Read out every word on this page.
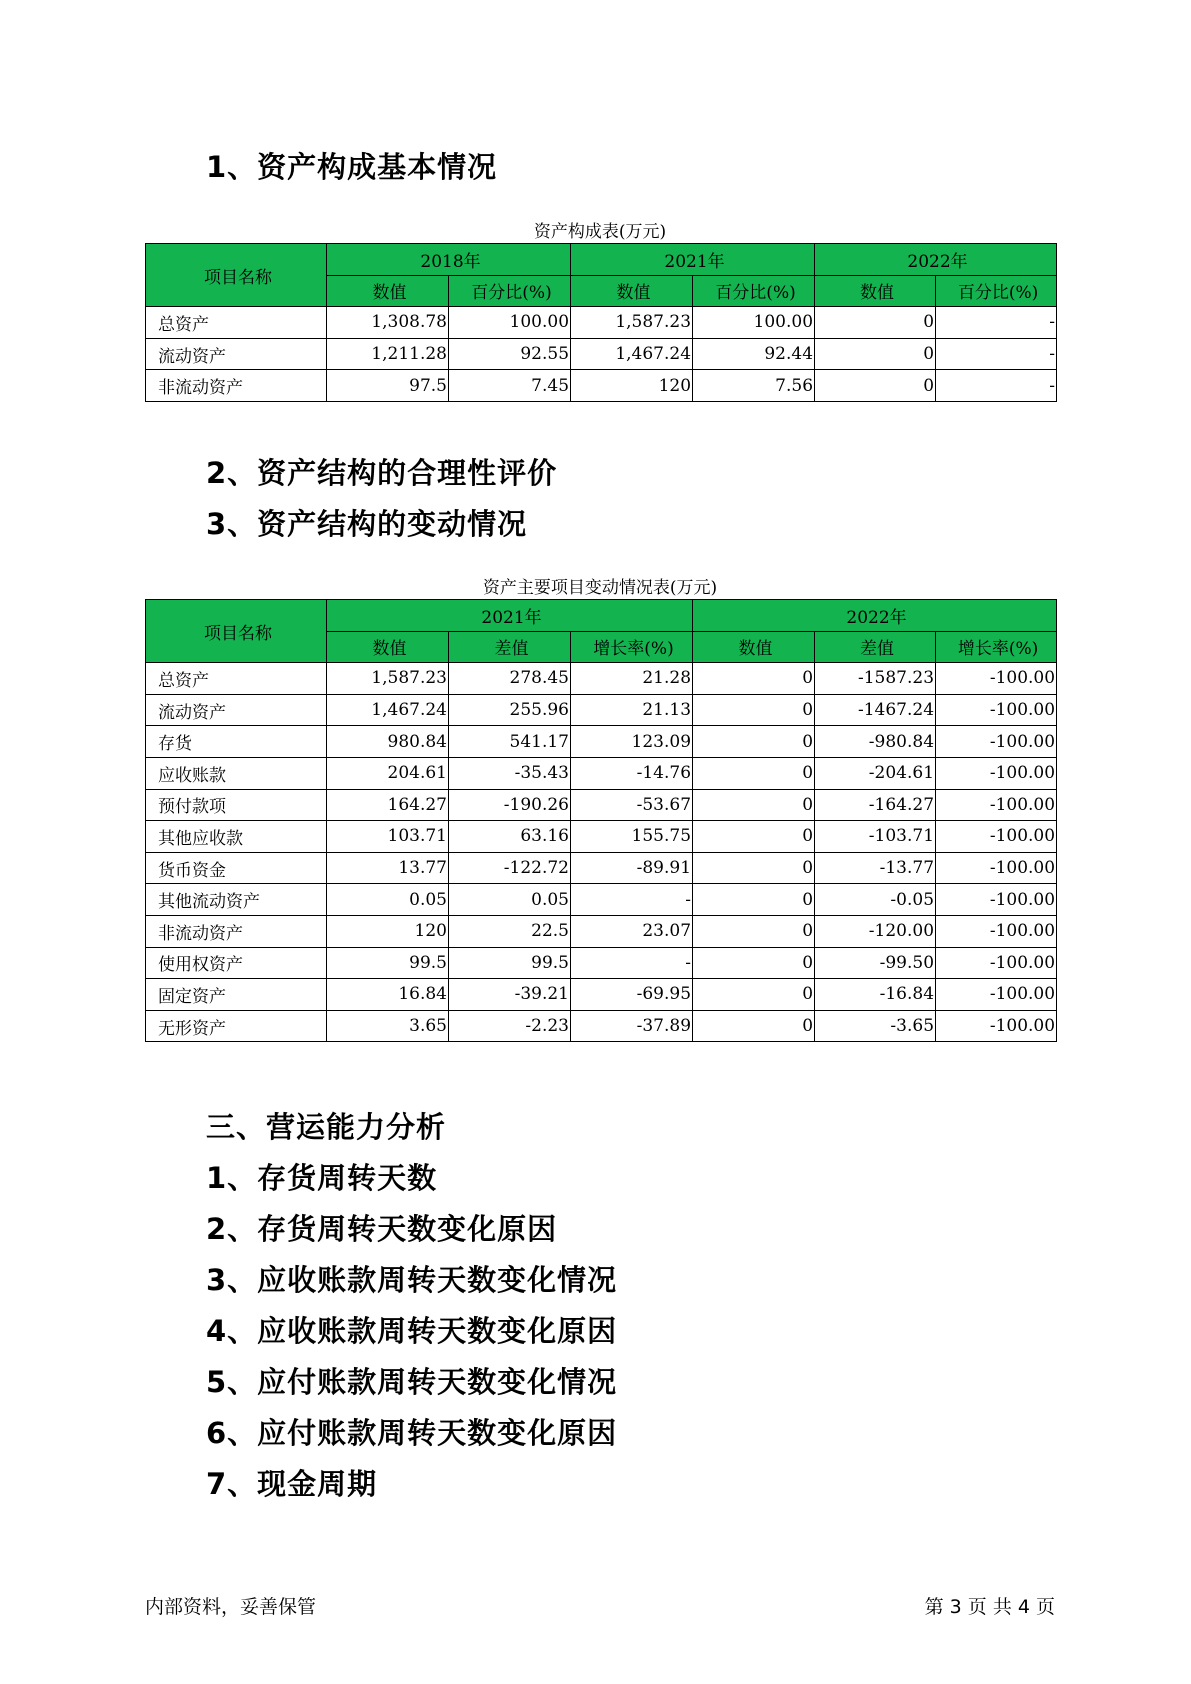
1、资产构成基本情况
资产构成表(万元)
项目名称	2018年		2021年		2022年	
	数值	百分比(%)	数值	百分比(%)	数值	百分比(%)
总资产	1,308.78	100.00	1,587.23	100.00	0	-
流动资产	1,211.28	92.55	1,467.24	92.44	0	-
非流动资产	97.5	7.45	120	7.56	0	-
2、资产结构的合理性评价
3、资产结构的变动情况
资产主要项目变动情况表(万元)
项目名称	2021年			2022年		
	数值	差值	增长率(%)	数值	差值	增长率(%)
总资产	1,587.23	278.45	21.28	0	-1587.23	-100.00
流动资产	1,467.24	255.96	21.13	0	-1467.24	-100.00
存货	980.84	541.17	123.09	0	-980.84	-100.00
应收账款	204.61	-35.43	-14.76	0	-204.61	-100.00
预付款项	164.27	-190.26	-53.67	0	-164.27	-100.00
其他应收款	103.71	63.16	155.75	0	-103.71	-100.00
货币资金	13.77	-122.72	-89.91	0	-13.77	-100.00
其他流动资产	0.05	0.05	-	0	-0.05	-100.00
非流动资产	120	22.5	23.07	0	-120.00	-100.00
使用权资产	99.5	99.5	-	0	-99.50	-100.00
固定资产	16.84	-39.21	-69.95	0	-16.84	-100.00
无形资产	3.65	-2.23	-37.89	0	-3.65	-100.00
三、营运能力分析
1、存货周转天数
2、存货周转天数变化原因
3、应收账款周转天数变化情况
4、应收账款周转天数变化原因
5、应付账款周转天数变化情况
6、应付账款周转天数变化原因
7、现金周期
内部资料，妥善保管	第 3 页 共 4 页
